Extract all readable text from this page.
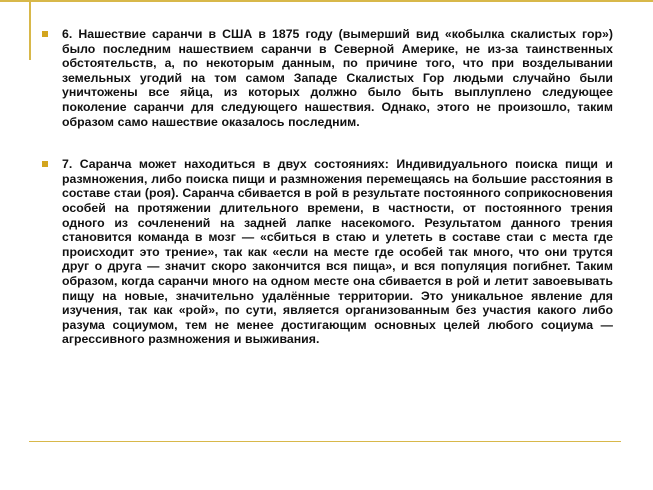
6. Нашествие саранчи в США в 1875 году (вымерший вид «кобылка скалистых гор») было последним нашествием саранчи в Северной Америке, не из-за таинственных обстоятельств, а, по некоторым данным, по причине того, что при возделывании земельных угодий на том самом Западе Скалистых Гор людьми случайно были уничтожены все яйца, из которых должно было быть выплуплено следующее поколение саранчи для следующего нашествия. Однако, этого не произошло, таким образом само нашествие оказалось последним.
7. Саранча может находиться в двух состояниях: Индивидуального поиска пищи и размножения, либо поиска пищи и размножения перемещаясь на большие расстояния в составе стаи (роя). Саранча сбивается в рой в результате постоянного соприкосновения особей на протяжении длительного времени, в частности, от постоянного трения одного из сочленений на задней лапке насекомого. Результатом данного трения становится команда в мозг — «сбиться в стаю и улететь в составе стаи с места где происходит это трение», так как «если на месте где особей так много, что они трутся друг о друга — значит скоро закончится вся пища», и вся популяция погибнет. Таким образом, когда саранчи много на одном месте она сбивается в рой и летит завоевывать пищу на новые, значительно удалённые территории. Это уникальное явление для изучения, так как «рой», по сути, является организованным без участия какого либо разума социумом, тем не менее достигающим основных целей любого социума — агрессивного размножения и выживания.
